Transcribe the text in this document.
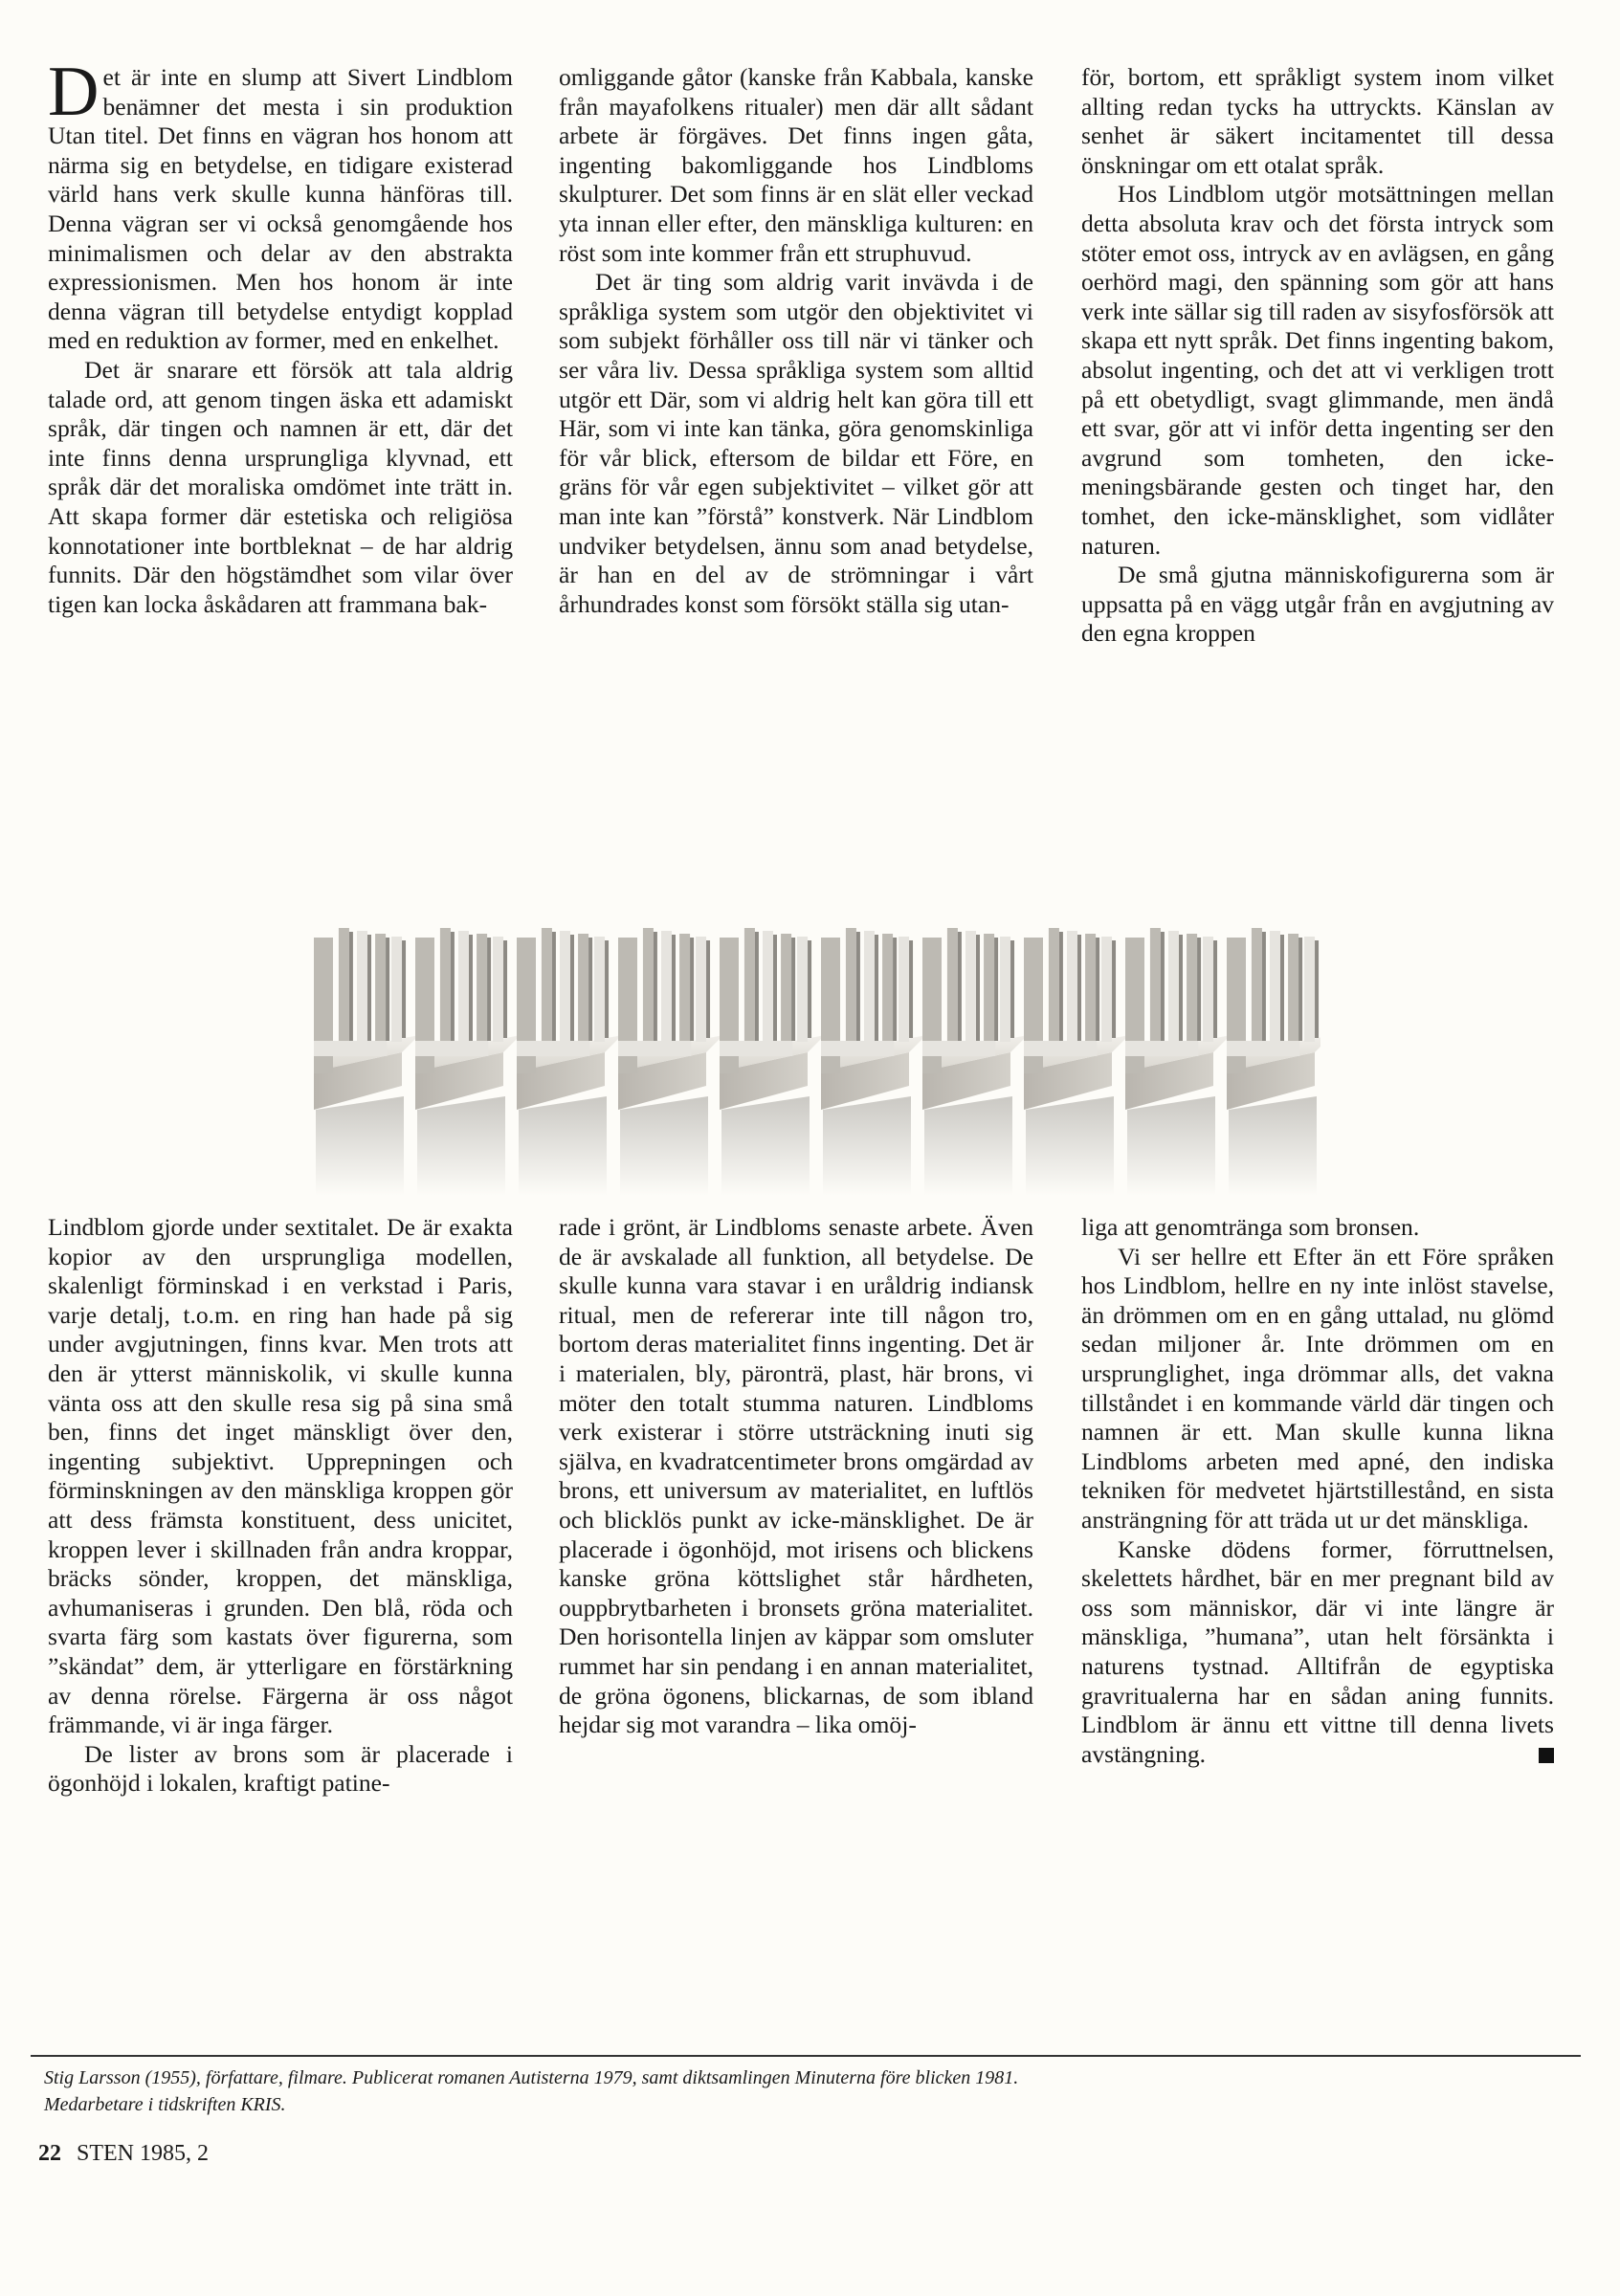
Det är inte en slump att Sivert Lindblom benämner det mesta i sin produktion Utan titel. Det finns en vägran hos honom att närma sig en betydelse, en tidigare existerad värld hans verk skulle kunna hänföras till. Denna vägran ser vi också genomgående hos minimalismen och delar av den abstrakta expressionismen. Men hos honom är inte denna vägran till betydelse entydigt kopplad med en reduktion av former, med en enkelhet.

Det är snarare ett försök att tala aldrig talade ord, att genom tingen äska ett adamiskt språk, där tingen och namnen är ett, där det inte finns denna ursprungliga klyvnad, ett språk där det moraliska omdömet inte trätt in. Att skapa former där estetiska och religiösa konnotationer inte bortbleknat – de har aldrig funnits. Där den högstämdhet som vilar över tigen kan locka åskådaren att frammana bak-

omliggande gåtor (kanske från Kabbala, kanske från mayafolkens ritualer) men där allt sådant arbete är förgäves. Det finns ingen gåta, ingenting bakomliggande hos Lindbloms skulpturer. Det som finns är en slät eller veckad yta innan eller efter, den mänskliga kulturen: en röst som inte kommer från ett struphuvud.

Det är ting som aldrig varit invävda i de språkliga system som utgör den objektivitet vi som subjekt förhåller oss till när vi tänker och ser våra liv. Dessa språkliga system som alltid utgör ett Där, som vi aldrig helt kan göra till ett Här, som vi inte kan tänka, göra genomskinliga för vår blick, eftersom de bildar ett Före, en gräns för vår egen subjektivitet – vilket gör att man inte kan ”förstå” konstverk. När Lindblom undviker betydelsen, ännu som anad betydelse, är han en del av de strömningar i vårt århundrades konst som försökt ställa sig utan-

för, bortom, ett språkligt system inom vilket allting redan tycks ha uttryckts. Känslan av senhet är säkert incitamentet till dessa önskningar om ett otalat språk.

Hos Lindblom utgör motsättningen mellan detta absoluta krav och det första intryck som stöter emot oss, intryck av en avlägsen, en gång oerhörd magi, den spänning som gör att hans verk inte sällar sig till raden av sisyfosförsök att skapa ett nytt språk. Det finns ingenting bakom, absolut ingenting, och det att vi verkligen trott på ett obetydligt, svagt glimmande, men ändå ett svar, gör att vi inför detta ingenting ser den avgrund som tomheten, den icke-meningsbärande gesten och tinget har, den tomhet, den icke-mänsklighet, som vidlåter naturen.

De små gjutna människofigurerna som är uppsatta på en vägg utgår från en avgjutning av den egna kroppen

Lindblom gjorde under sextitalet. De är exakta kopior av den ursprungliga modellen, skalenligt förminskad i en verkstad i Paris, varje detalj, t.o.m. en ring han hade på sig under avgjutningen, finns kvar. Men trots att den är ytterst människolik, vi skulle kunna vänta oss att den skulle resa sig på sina små ben, finns det inget mänskligt över den, ingenting subjektivt. Upprepningen och förminskningen av den mänskliga kroppen gör att dess främsta konstituent, dess unicitet, kroppen lever i skillnaden från andra kroppar, bräcks sönder, kroppen, det mänskliga, avhumaniseras i grunden. Den blå, röda och svarta färg som kastats över figurerna, som ”skändat” dem, är ytterligare en förstärkning av denna rörelse. Färgerna är oss något främmande, vi är inga färger.

De lister av brons som är placerade i ögonhöjd i lokalen, kraftigt patine-

rade i grönt, är Lindbloms senaste arbete. Även de är avskalade all funktion, all betydelse. De skulle kunna vara stavar i en uråldrig indiansk ritual, men de refererar inte till någon tro, bortom deras materialitet finns ingenting. Det är i materialen, bly, päronträ, plast, här brons, vi möter den totalt stumma naturen. Lindbloms verk existerar i större utsträckning inuti sig själva, en kvadratcentimeter brons omgärdad av brons, ett universum av materialitet, en luftlös och blicklös punkt av icke-mänsklighet. De är placerade i ögonhöjd, mot irisens och blickens kanske gröna köttslighet står hårdheten, ouppbrytbarheten i bronsets gröna materialitet. Den horisontella linjen av käppar som omsluter rummet har sin pendang i en annan materialitet, de gröna ögonens, blickarnas, de som ibland hejdar sig mot varandra – lika omöj-

liga att genomtränga som bronsen.

Vi ser hellre ett Efter än ett Före språken hos Lindblom, hellre en ny inte inlöst stavelse, än drömmen om en en gång uttalad, nu glömd sedan miljoner år. Inte drömmen om en ursprunglighet, inga drömmar alls, det vakna tillståndet i en kommande värld där tingen och namnen är ett. Man skulle kunna likna Lindbloms arbeten med apné, den indiska tekniken för medvetet hjärtstillestånd, en sista ansträngning för att träda ut ur det mänskliga.

Kanske dödens former, förruttnelsen, skelettets hårdhet, bär en mer pregnant bild av oss som människor, där vi inte längre är mänskliga, ”humana”, utan helt försänkta i naturens tystnad. Alltifrån de egyptiska gravritualerna har en sådan aning funnits. Lindblom är ännu ett vittne till denna livets avstängning.

Stig Larsson (1955), författare, filmare. Publicerat romanen Autisterna 1979, samt diktsamlingen Minuterna före blicken 1981.
Medarbetare i tidskriften KRIS.
22 STEN 1985, 2
